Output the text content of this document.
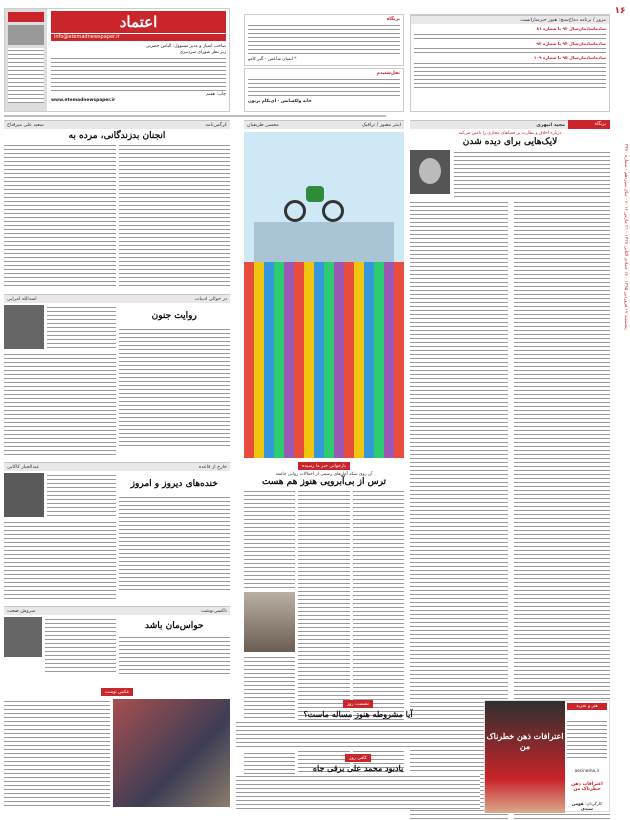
۱۶
پنجشنبه ۱۲ فروردین ۱۳۹۵ - ۱۲ جمادی الثانی ۱۴۳۷ - ۳۱ مارس ۲۰۱۶ - سال سیزدهم - شماره ۳۴۷۰
مرور / برنامه دماخ‌سنج: هنوز خبرسازانست
سادماسادمان‌سال ۹۳ با شماره ۸۱
سادماسادمان‌سال ۹۴ با شماره ۹۳
سادماسادمان‌سال ۹۵ با شماره ۱۰۹
برنگاه
* انسان شاعمن - آلبر کامو
نقل‌شنیدم
خانه ولکسانس - ای‌نکام برتون
اعتماد
info@etemadnewspaper.ir
صاحب امتیاز و مدیر مسوول: الیاس حضرتی
زیر نظر شورای سردبیری
چاپ: هفتم
www.etemadnewspaper.ir
برنگاه
مجید انیهری
درباره اخلاق و نظارت بر فضاهای مجازی را تامین می‌کند
لایک‌هایی برای دیده شدن
اینتر مصور / ترافیک
محسن طریقیان
بازخوانی خبر ما رسیده
آن روی سکه آمارهای رسمی از اختلالات روانی جامعه
ترس از بی‌آبرویی هنوز هم هست
کرگمن‌نامه
سعید علی میرفتاح
انجنان بدزندگانی، مرده به
در حوالی ادبیات
اسدالله امرایی
روایت جنون
خارج از قاعده
عبدالجبار کاکایی
خنده‌های دیروز و امروز
تاکسی‌نوشت
سروش صحت
حواس‌مان باشد
عکس نوشت
نشست روز
آیا مشروطه هنوز مساله ماست؟
کافی روز
یادبود محمد علی برقی جاه
هنر و تجربه
aecinema.ir
اعترافات ذهن خطرناک من
کارگردان: هومن سیدی
اعترافات ذهن خطرناک من
